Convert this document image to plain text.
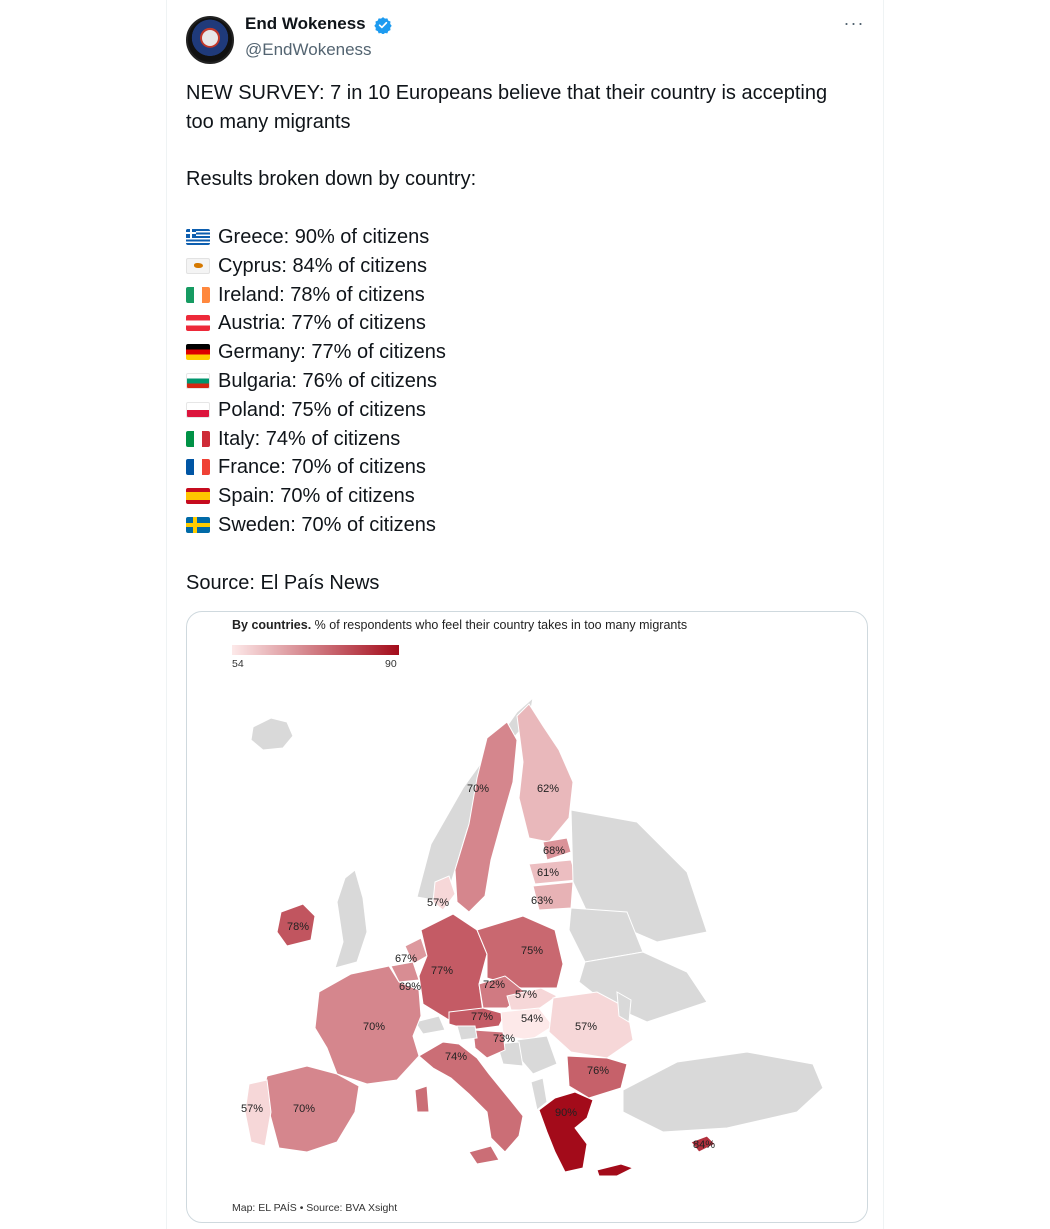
End Wokeness
@EndWokeness
···

NEW SURVEY: 7 in 10 Europeans believe that their country is accepting too many migrants

Results broken down by country:

Greece: 90% of citizens

Cyprus: 84% of citizens

Ireland: 78% of citizens

Austria: 77% of citizens

Germany: 77% of citizens

Bulgaria: 76% of citizens

Poland: 75% of citizens

Italy: 74% of citizens

France: 70% of citizens

Spain: 70% of citizens

Sweden: 70% of citizens

Source: El País News

By countries. % of respondents who feel their country takes in too many migrants
54	90
70%	62%
68%
61%
63%
57%
78%
67%
77%
75%
69%	72%
57%
54%
77%
70%	57%
73%
74%
76%
57%	70%	90%
84%
Map: EL PAÍS • Source: BVA Xsight
